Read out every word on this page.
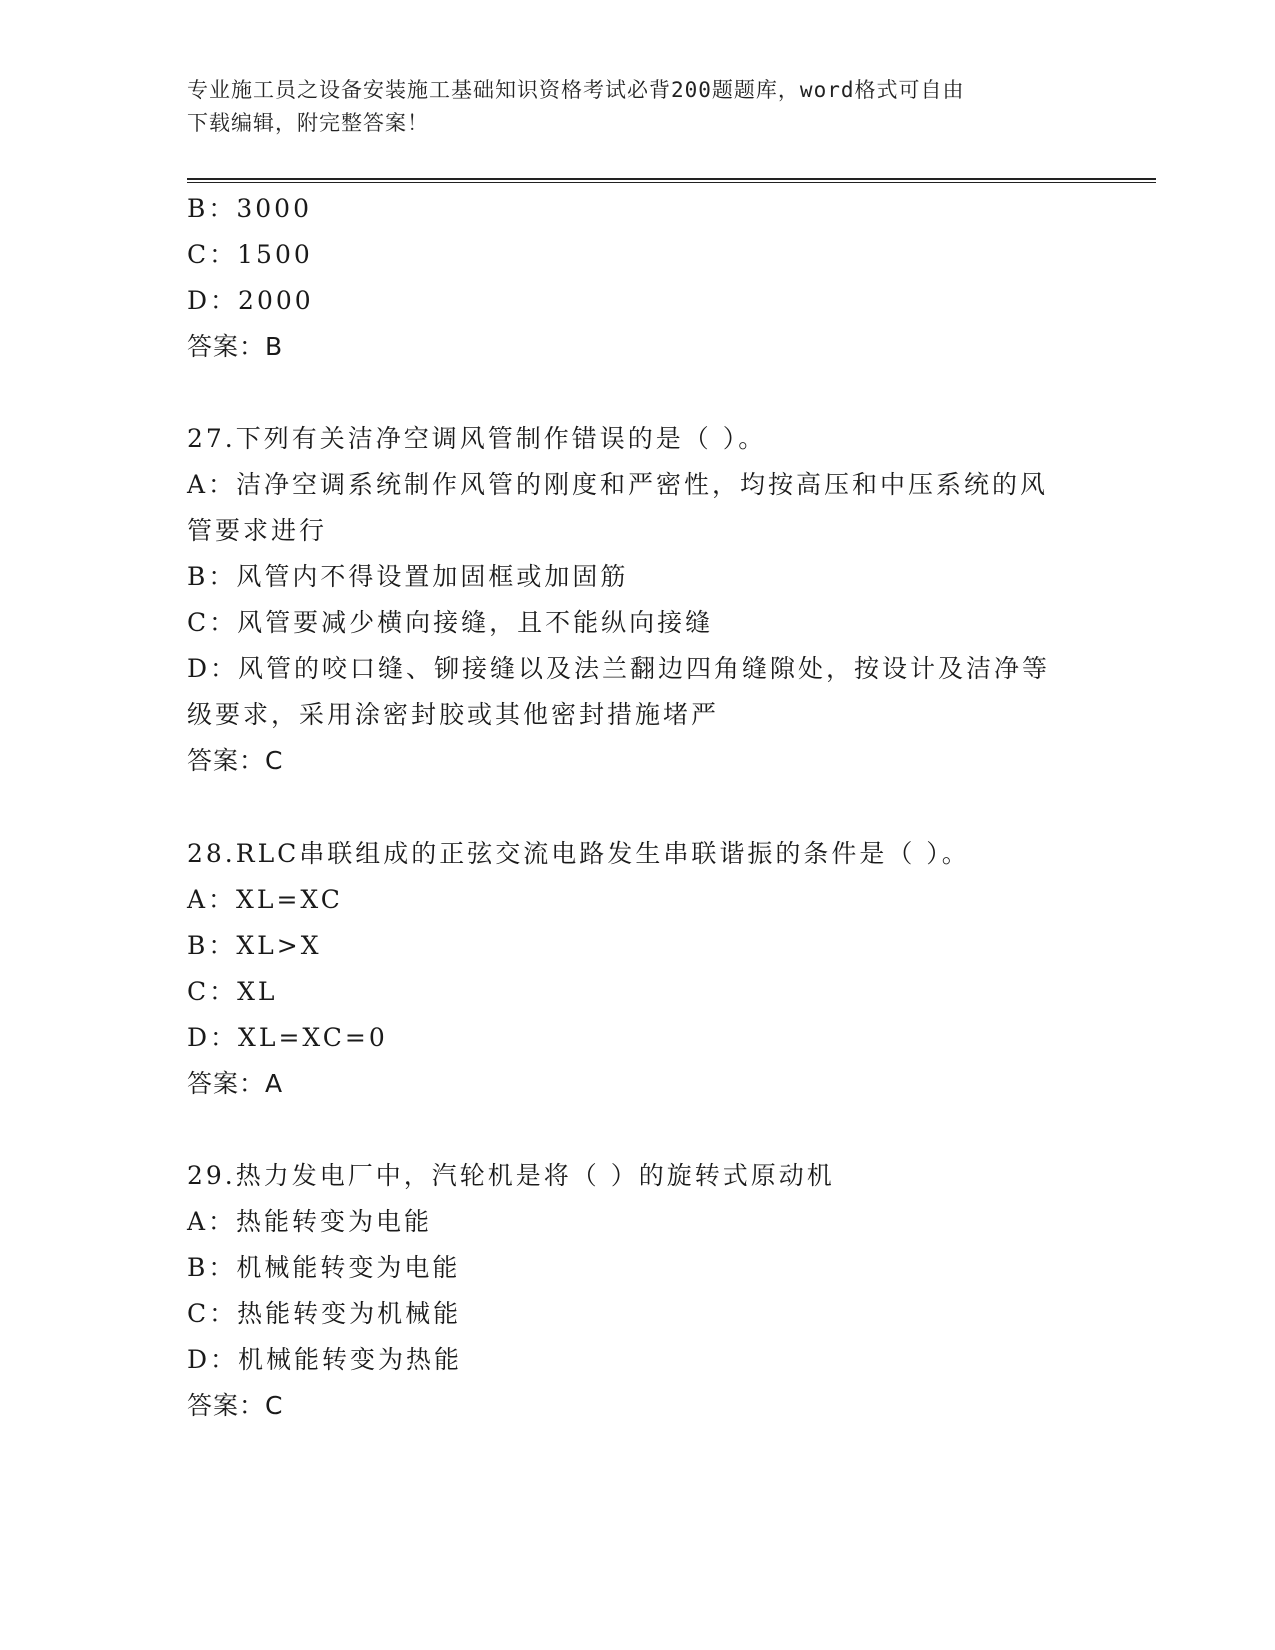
专业施工员之设备安装施工基础知识资格考试必背200题题库，word格式可自由
下载编辑，附完整答案！
B：3000
C：1500
D：2000
答案：B
27.下列有关洁净空调风管制作错误的是（ ）。
A：洁净空调系统制作风管的刚度和严密性，均按高压和中压系统的风
管要求进行
B：风管内不得设置加固框或加固筋
C：风管要减少横向接缝，且不能纵向接缝
D：风管的咬口缝、铆接缝以及法兰翻边四角缝隙处，按设计及洁净等
级要求，采用涂密封胶或其他密封措施堵严
答案：C
28.RLC串联组成的正弦交流电路发生串联谐振的条件是（ ）。
A：XL=XC
B：XL>X
C：XL
D：XL=XC=0
答案：A
29.热力发电厂中，汽轮机是将（ ）的旋转式原动机
A：热能转变为电能
B：机械能转变为电能
C：热能转变为机械能
D：机械能转变为热能
答案：C
